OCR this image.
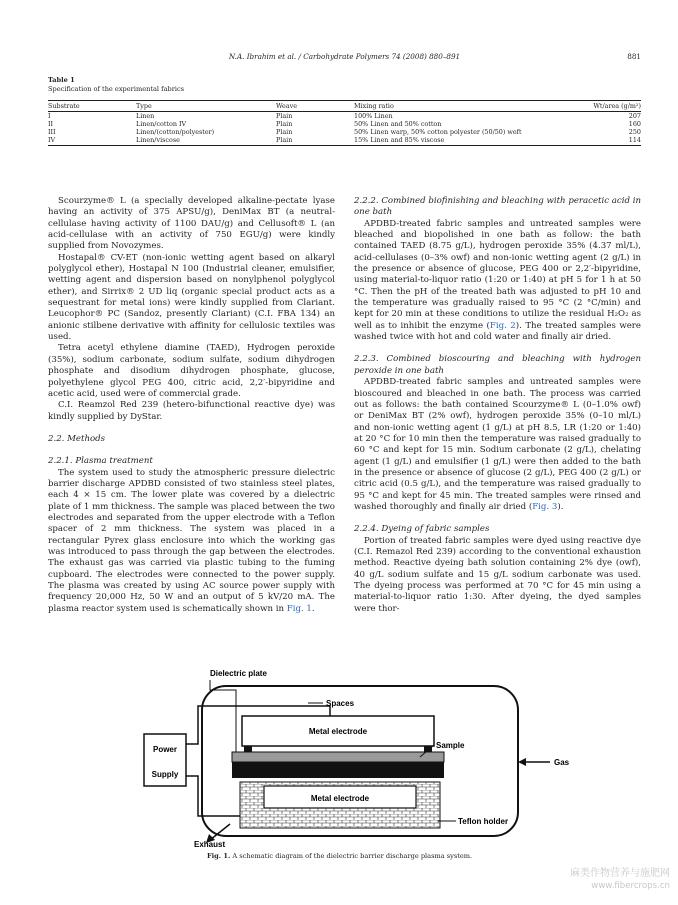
N.A. Ibrahim et al. / Carbohydrate Polymers 74 (2008) 880–891	881
Table 1
Specification of the experimental fabrics
Substrate	Type	Weave	Mixing ratio	Wt/area (g/m²)
I	Linen	Plain	100% Linen	207
II	Linen/cotton IV	Plain	50% Linen and 50% cotton	160
III	Linen/(cotton/polyester)	Plain	50% Linen warp, 50% cotton polyester (50/50) weft	250
IV	Linen/viscose	Plain	15% Linen and 85% viscose	114

Scourzyme® L (a specially developed alkaline-pectate lyase having an activity of 375 APSU/g), DeniMax BT (a neutral-cellulase having activity of 1100 DAU/g) and Cellusoft® L (an acid-cellulase with an activity of 750 EGU/g) were kindly supplied from Novozymes.

Hostapal® CV-ET (non-ionic wetting agent based on alkaryl polyglycol ether), Hostapal N 100 (Industrial cleaner, emulsifier, wetting agent and dispersion based on nonylphenol polyglycol ether), and Sirrix® 2 UD liq (organic special product acts as a sequestrant for metal ions) were kindly supplied from Clariant. Leucophor® PC (Sandoz, presently Clariant) (C.I. FBA 134) an anionic stilbene derivative with affinity for cellulosic textiles was used.

Tetra acetyl ethylene diamine (TAED), Hydrogen peroxide (35%), sodium carbonate, sodium sulfate, sodium dihydrogen phosphate and disodium dihydrogen phosphate, glucose, polyethylene glycol PEG 400, citric acid, 2,2′-bipyridine and acetic acid, used were of commercial grade.

C.I. Reamzol Red 239 (hetero-bifunctional reactive dye) was kindly supplied by DyStar.

2.2. Methods
2.2.1. Plasma treatment

The system used to study the atmospheric pressure dielectric barrier discharge APDBD consisted of two stainless steel plates, each 4 × 15 cm. The lower plate was covered by a dielectric plate of 1 mm thickness. The sample was placed between the two electrodes and separated from the upper electrode with a Teflon spacer of 2 mm thickness. The system was placed in a rectangular Pyrex glass enclosure into which the working gas was introduced to pass through the gap between the electrodes. The exhaust gas was carried via plastic tubing to the fuming cupboard. The electrodes were connected to the power supply. The plasma was created by using AC source power supply with frequency 20,000 Hz, 50 W and an output of 5 kV/20 mA. The plasma reactor system used is schematically shown in Fig. 1.

2.2.2. Combined biofinishing and bleaching with peracetic acid in one bath

APDBD-treated fabric samples and untreated samples were bleached and biopolished in one bath as follow: the bath contained TAED (8.75 g/L), hydrogen peroxide 35% (4.37 ml/L), acid-cellulases (0–3% owf) and non-ionic wetting agent (2 g/L) in the presence or absence of glucose, PEG 400 or 2,2′-bipyridine, using material-to-liquor ratio (1:20 or 1:40) at pH 5 for 1 h at 50 °C. Then the pH of the treated bath was adjusted to pH 10 and the temperature was gradually raised to 95 °C (2 °C/min) and kept for 20 min at these conditions to utilize the residual H₂O₂ as well as to inhibit the enzyme (Fig. 2). The treated samples were washed twice with hot and cold water and finally air dried.

2.2.3. Combined bioscouring and bleaching with hydrogen peroxide in one bath

APDBD-treated fabric samples and untreated samples were bioscoured and bleached in one bath. The process was carried out as follows: the bath contained Scourzyme® L (0–1.0% owf) or DeniMax BT (2% owf), hydrogen peroxide 35% (0–10 ml/L) and non-ionic wetting agent (1 g/L) at pH 8.5, LR (1:20 or 1:40) at 20 °C for 10 min then the temperature was raised gradually to 60 °C and kept for 15 min. Sodium carbonate (2 g/L), chelating agent (1 g/L) and emulsifier (1 g/L) were then added to the bath in the presence or absence of glucose (2 g/L), PEG 400 (2 g/L) or citric acid (0.5 g/L), and the temperature was raised gradually to 95 °C and kept for 45 min. The treated samples were rinsed and washed thoroughly and finally air dried (Fig. 3).

2.2.4. Dyeing of fabric samples

Portion of treated fabric samples were dyed using reactive dye (C.I. Remazol Red 239) according to the conventional exhaustion method. Reactive dyeing bath solution containing 2% dye (owf), 40 g/L sodium sulfate and 15 g/L sodium carbonate was used. The dyeing process was performed at 70 °C for 45 min using a material-to-liquor ratio 1:30. After dyeing, the dyed samples were thor-

Power
Supply
Dielectric plate
Spaces
Metal electrode
Sample
Gas
Metal electrode
Teflon holder
Exhaust
Fig. 1. A schematic diagram of the dielectric barrier discharge plasma system.
麻类作物营养与施肥网
www.fibercrops.cn
